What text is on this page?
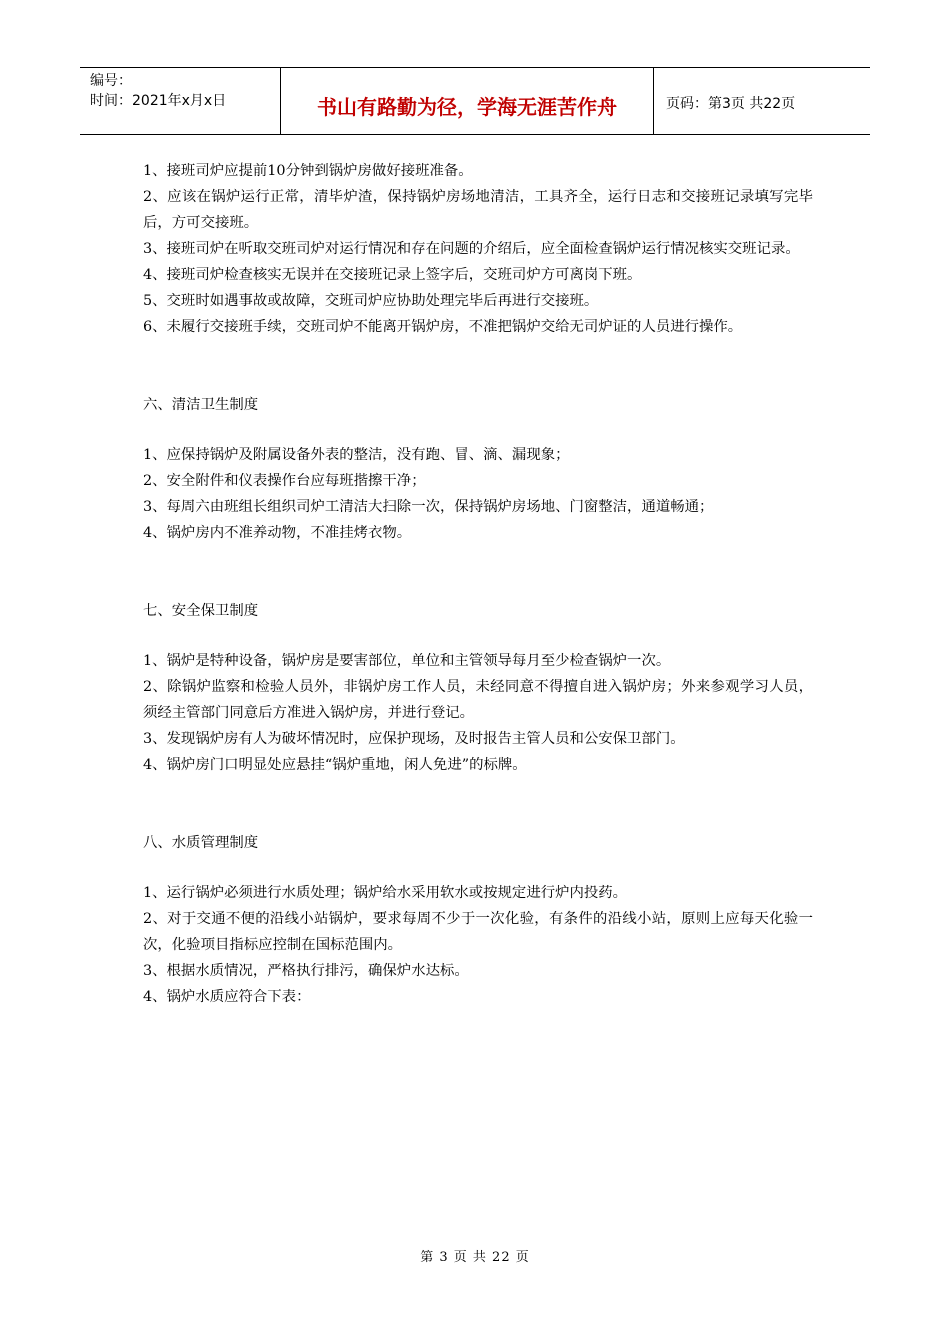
编号：
时间：2021年x月x日	书山有路勤为径，学海无涯苦作舟	页码：第3页 共22页

1、接班司炉应提前10分钟到锅炉房做好接班准备。

2、应该在锅炉运行正常，清毕炉渣，保持锅炉房场地清洁，工具齐全，运行日志和交接班记录填写完毕后，方可交接班。

3、接班司炉在听取交班司炉对运行情况和存在问题的介绍后，应全面检查锅炉运行情况核实交班记录。

4、接班司炉检查核实无误并在交接班记录上签字后，交班司炉方可离岗下班。

5、交班时如遇事故或故障，交班司炉应协助处理完毕后再进行交接班。

6、未履行交接班手续，交班司炉不能离开锅炉房，不准把锅炉交给无司炉证的人员进行操作。

六、清洁卫生制度

1、应保持锅炉及附属设备外表的整洁，没有跑、冒、滴、漏现象；

2、安全附件和仪表操作台应每班揩擦干净；

3、每周六由班组长组织司炉工清洁大扫除一次，保持锅炉房场地、门窗整洁，通道畅通；

4、锅炉房内不准养动物，不准挂烤衣物。

七、安全保卫制度

1、锅炉是特种设备，锅炉房是要害部位，单位和主管领导每月至少检查锅炉一次。

2、除锅炉监察和检验人员外，非锅炉房工作人员，未经同意不得擅自进入锅炉房；外来参观学习人员，须经主管部门同意后方准进入锅炉房，并进行登记。

3、发现锅炉房有人为破坏情况时，应保护现场，及时报告主管人员和公安保卫部门。

4、锅炉房门口明显处应悬挂“锅炉重地，闲人免进”的标牌。

八、水质管理制度

1、运行锅炉必须进行水质处理；锅炉给水采用软水或按规定进行炉内投药。

2、对于交通不便的沿线小站锅炉，要求每周不少于一次化验，有条件的沿线小站，原则上应每天化验一次，化验项目指标应控制在国标范围内。

3、根据水质情况，严格执行排污，确保炉水达标。

4、锅炉水质应符合下表：

第 3 页 共 22 页
